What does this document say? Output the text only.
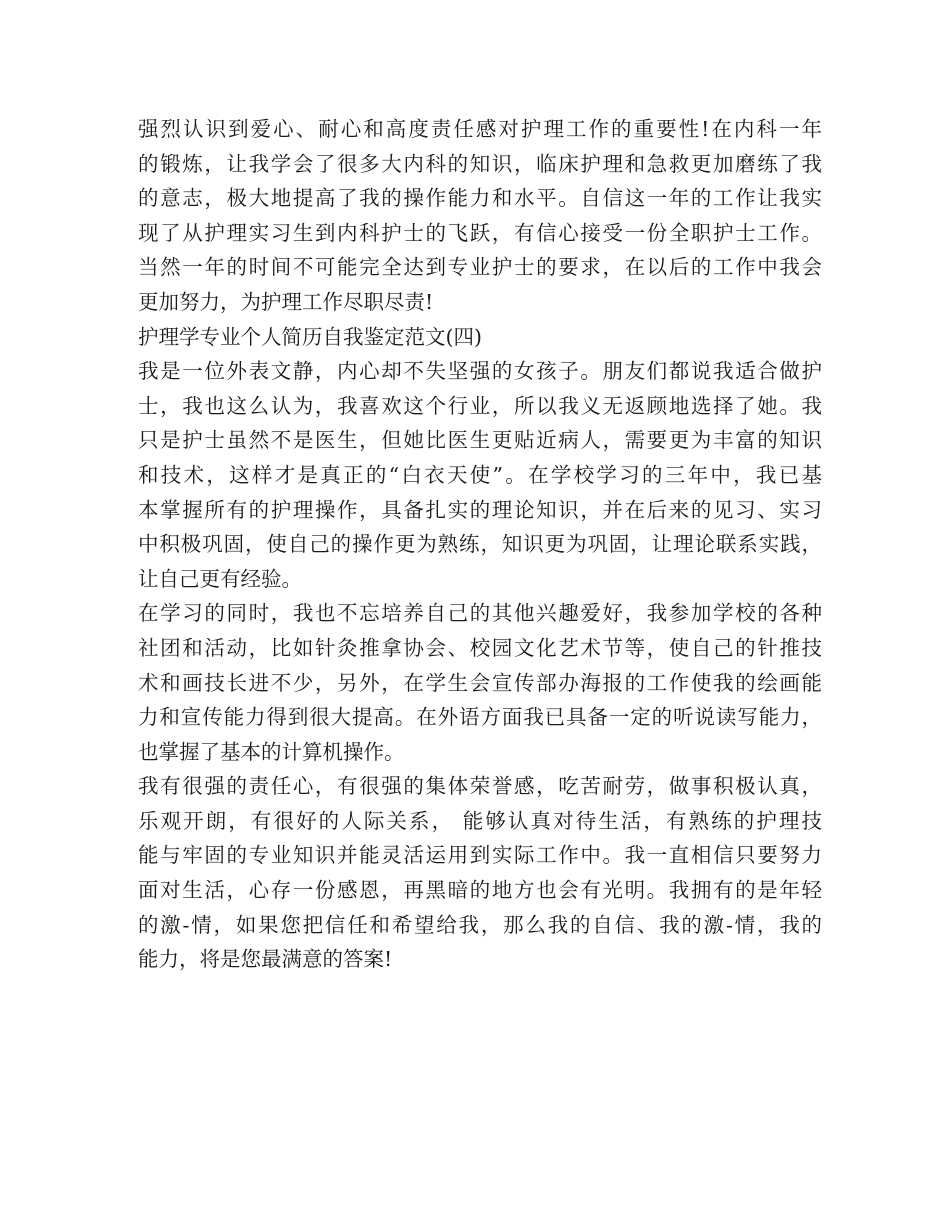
强烈认识到爱心、耐心和高度责任感对护理工作的重要性!在内科一年
的锻炼，让我学会了很多大内科的知识，临床护理和急救更加磨练了我
的意志，极大地提高了我的操作能力和水平。自信这一年的工作让我实
现了从护理实习生到内科护士的飞跃，有信心接受一份全职护士工作。
当然一年的时间不可能完全达到专业护士的要求，在以后的工作中我会
更加努力，为护理工作尽职尽责!
护理学专业个人简历自我鉴定范文(四)
我是一位外表文静，内心却不失坚强的女孩子。朋友们都说我适合做护
士，我也这么认为，我喜欢这个行业，所以我义无返顾地选择了她。我
只是护士虽然不是医生，但她比医生更贴近病人，需要更为丰富的知识
和技术，这样才是真正的“白衣天使”。在学校学习的三年中，我已基
本掌握所有的护理操作，具备扎实的理论知识，并在后来的见习、实习
中积极巩固，使自己的操作更为熟练，知识更为巩固，让理论联系实践，
让自己更有经验。
在学习的同时，我也不忘培养自己的其他兴趣爱好，我参加学校的各种
社团和活动，比如针灸推拿协会、校园文化艺术节等，使自己的针推技
术和画技长进不少，另外，在学生会宣传部办海报的工作使我的绘画能
力和宣传能力得到很大提高。在外语方面我已具备一定的听说读写能力，
也掌握了基本的计算机操作。
我有很强的责任心，有很强的集体荣誉感，吃苦耐劳，做事积极认真，
乐观开朗，有很好的人际关系， 能够认真对待生活，有熟练的护理技
能与牢固的专业知识并能灵活运用到实际工作中。我一直相信只要努力
面对生活，心存一份感恩，再黑暗的地方也会有光明。我拥有的是年轻
的激-情，如果您把信任和希望给我，那么我的自信、我的激-情，我的
能力，将是您最满意的答案!
